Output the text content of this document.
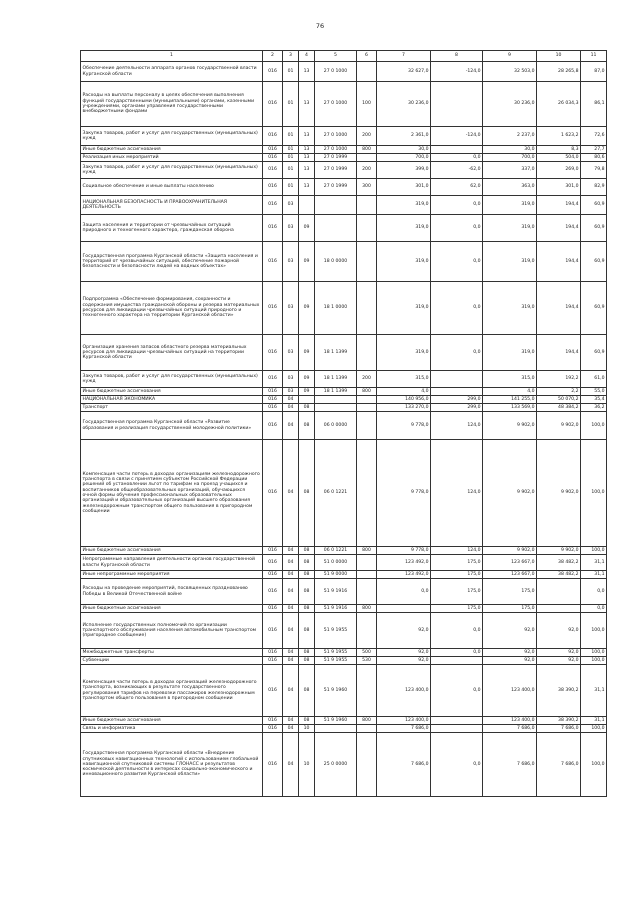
76
1	2	3	4	5	6	7	8	9	10	11
Обеспечение деятельности аппарата органов государственной власти Курганской области	016	01	13	27 0 1000		32 627,0	-124,0	32 503,0	28 265,8	87,0
Расходы на выплаты персоналу в целях обеспечения выполнения функций государственными (муниципальными) органами, казенными учреждениями, органами управления государственными внебюджетными фондами	016	01	13	27 0 1000	100	30 236,0		30 236,0	26 034,3	86,1
Закупка товаров, работ и услуг для государственных (муниципальных) нужд	016	01	13	27 0 1000	200	2 361,0	-124,0	2 237,0	1 623,2	72,6
Иные бюджетные ассигнования	016	01	13	27 0 1000	800	30,0		30,0	8,3	27,7
Реализация иных мероприятий	016	01	13	27 0 1999		700,0	0,0	700,0	504,0	80,6
Закупка товаров, работ и услуг для государственных (муниципальных) нужд	016	01	13	27 0 1999	200	399,0	-62,0	337,0	269,0	79,8
Социальное обеспечение и иные выплаты населению	016	01	13	27 0 1999	300	301,0	62,0	363,0	301,0	82,9
НАЦИОНАЛЬНАЯ БЕЗОПАСНОСТЬ И ПРАВООХРАНИТЕЛЬНАЯ ДЕЯТЕЛЬНОСТЬ	016	03				319,0	0,0	319,0	194,4	60,9
Защита населения и территории от чрезвычайных ситуаций природного и техногенного характера, гражданская оборона	016	03	09			319,0	0,0	319,0	194,4	60,9
Государственная программа Курганской области «Защита населения и территорий от чрезвычайных ситуаций, обеспечение пожарной безопасности и безопасности людей на водных объектах»	016	03	09	18 0 0000		319,0	0,0	319,0	194,4	60,9
Подпрограмма «Обеспечение формирования, сохранности и содержания имущества гражданской обороны и резерва материальных ресурсов для ликвидации чрезвычайных ситуаций природного и техногенного характера на территории Курганской области»	016	03	09	18 1 0000		319,0	0,0	319,0	194,4	60,9
Организация хранения запасов областного резерва материальных ресурсов для ликвидации чрезвычайных ситуаций на территории Курганской области	016	03	09	18 1 1399		319,0	0,0	319,0	194,4	60,9
Закупка товаров, работ и услуг для государственных (муниципальных) нужд	016	03	09	18 1 1399	200	315,0		315,0	192,2	61,0
Иные бюджетные ассигнования	016	03	09	18 1 1399	800	4,0		4,0	2,2	55,0
НАЦИОНАЛЬНАЯ ЭКОНОМИКА	016	04				140 956,0	299,0	141 255,0	50 070,2	35,4
Транспорт	016	04	08			133 270,0	299,0	133 569,0	48 384,2	36,2
Государственная программа Курганской области «Развитие образования и реализация государственной молодежной политики»	016	04	08	06 0 0000		9 778,0	124,0	9 902,0	9 902,0	100,0
Компенсация части потерь в доходах организациям железнодорожного транспорта в связи с принятием субъектом Российской Федерации решений об установлении льгот по тарифам на проезд учащихся и воспитанников общеобразовательных организаций, обучающихся очной формы обучения профессиональных образовательных организаций и образовательных организаций высшего образования железнодорожным транспортом общего пользования в пригородном сообщении	016	04	08	06 0 1221		9 778,0	124,0	9 902,0	9 902,0	100,0
Иные бюджетные ассигнования	016	04	08	06 0 1221	800	9 778,0	124,0	9 902,0	9 902,0	100,0
Непрограммные направления деятельности органов государственной власти Курганской области	016	04	08	51 0 0000		123 492,0	175,0	123 667,0	38 482,2	31,1
Иные непрограммные мероприятия	016	04	08	51 9 0000		123 492,0	175,0	123 667,0	38 482,2	31,1
Расходы на проведение мероприятий, посвященных празднованию Победы в Великой Отечественной войне	016	04	08	51 9 1916		0,0	175,0	175,0		0,0
Иные бюджетные ассигнования	016	04	08	51 9 1916	800		175,0	175,0		0,0
Исполнение государственных полномочий по организации транспортного обслуживания населения автомобильным транспортом (пригородное сообщение)	016	04	08	51 9 1955		92,0	0,0	92,0	92,0	100,0
Межбюджетные трансферты	016	04	08	51 9 1955	500	92,0	0,0	92,0	92,0	100,0
Субвенции	016	04	08	51 9 1955	530	92,0		92,0	92,0	100,0
Компенсация части потерь в доходах организаций железнодорожного транспорта, возникающих в результате государственного регулирования тарифов на перевозки пассажиров железнодорожным транспортом общего пользования в пригородном сообщении	016	04	08	51 9 1960		123 400,0	0,0	123 400,0	38 390,2	31,1
Иные бюджетные ассигнования	016	04	08	51 9 1960	800	123 400,0		123 400,0	38 390,2	31,1
Связь и информатика	016	04	10			7 686,0		7 686,0	7 686,0	100,0
Государственная программа Курганской области «Внедрение спутниковых навигационных технологий с использованием глобальной навигационной спутниковой системы ГЛОНАСС и результатов космической деятельности в интересах социально-экономического и инновационного развития Курганской области»	016	04	10	25 0 0000		7 686,0	0,0	7 686,0	7 686,0	100,0
